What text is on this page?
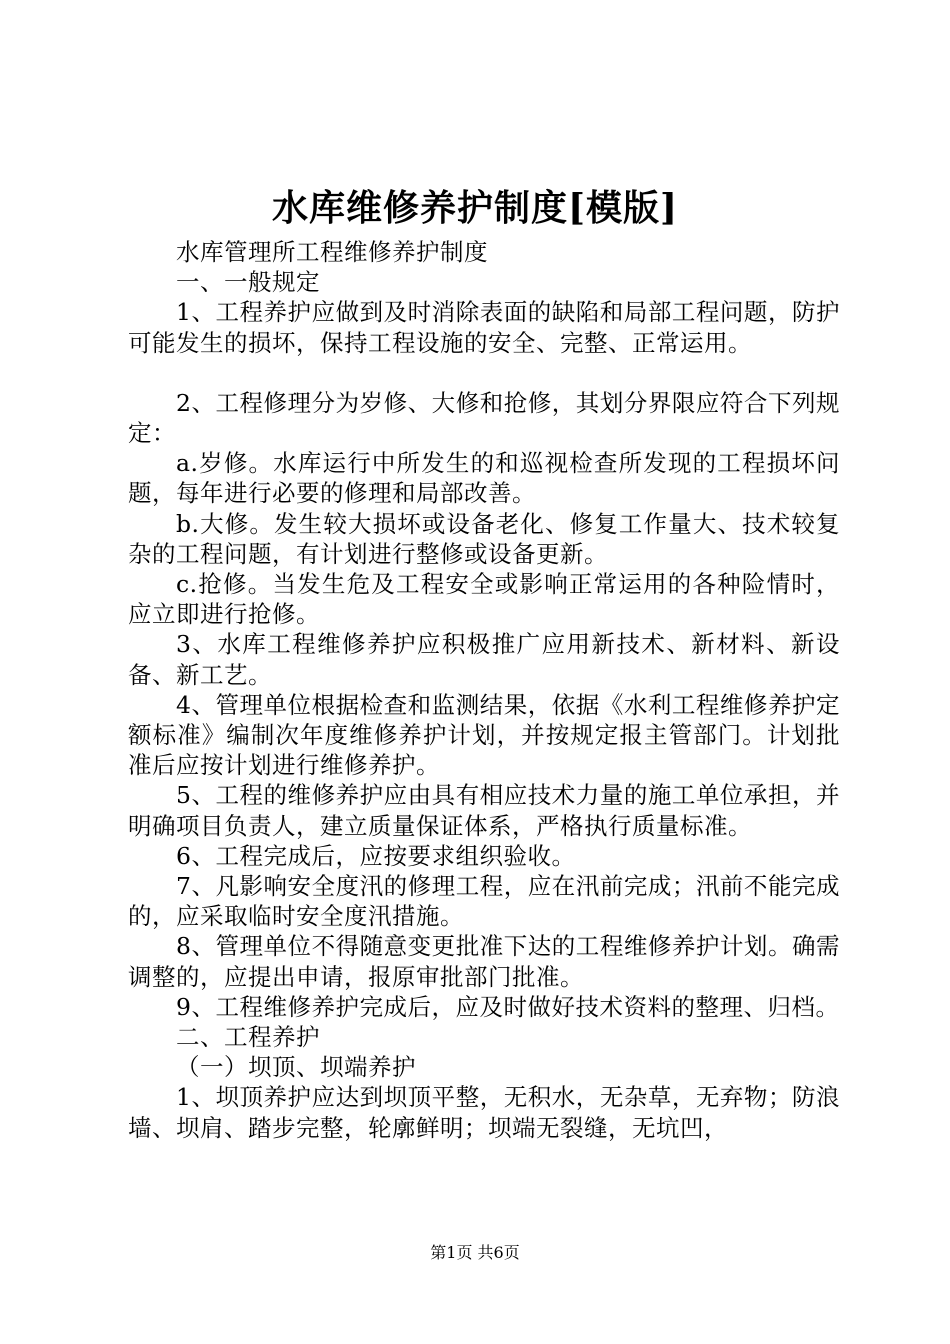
水库维修养护制度[模版]

水库管理所工程维修养护制度

一、一般规定

1、工程养护应做到及时消除表面的缺陷和局部工程问题，防护可能发生的损坏，保持工程设施的安全、完整、正常运用。

2、工程修理分为岁修、大修和抢修，其划分界限应符合下列规定：

a.岁修。水库运行中所发生的和巡视检查所发现的工程损坏问题，每年进行必要的修理和局部改善。

b.大修。发生较大损坏或设备老化、修复工作量大、技术较复杂的工程问题，有计划进行整修或设备更新。

c.抢修。当发生危及工程安全或影响正常运用的各种险情时，应立即进行抢修。

3、水库工程维修养护应积极推广应用新技术、新材料、新设备、新工艺。

4、管理单位根据检查和监测结果，依据《水利工程维修养护定额标准》编制次年度维修养护计划，并按规定报主管部门。计划批准后应按计划进行维修养护。

5、工程的维修养护应由具有相应技术力量的施工单位承担，并明确项目负责人，建立质量保证体系，严格执行质量标准。

6、工程完成后，应按要求组织验收。

7、凡影响安全度汛的修理工程，应在汛前完成；汛前不能完成的，应采取临时安全度汛措施。

8、管理单位不得随意变更批准下达的工程维修养护计划。确需调整的，应提出申请，报原审批部门批准。

9、工程维修养护完成后，应及时做好技术资料的整理、归档。

二、工程养护

（一）坝顶、坝端养护

1、坝顶养护应达到坝顶平整，无积水，无杂草，无弃物；防浪墙、坝肩、踏步完整，轮廓鲜明；坝端无裂缝，无坑凹，

第1页 共6页
